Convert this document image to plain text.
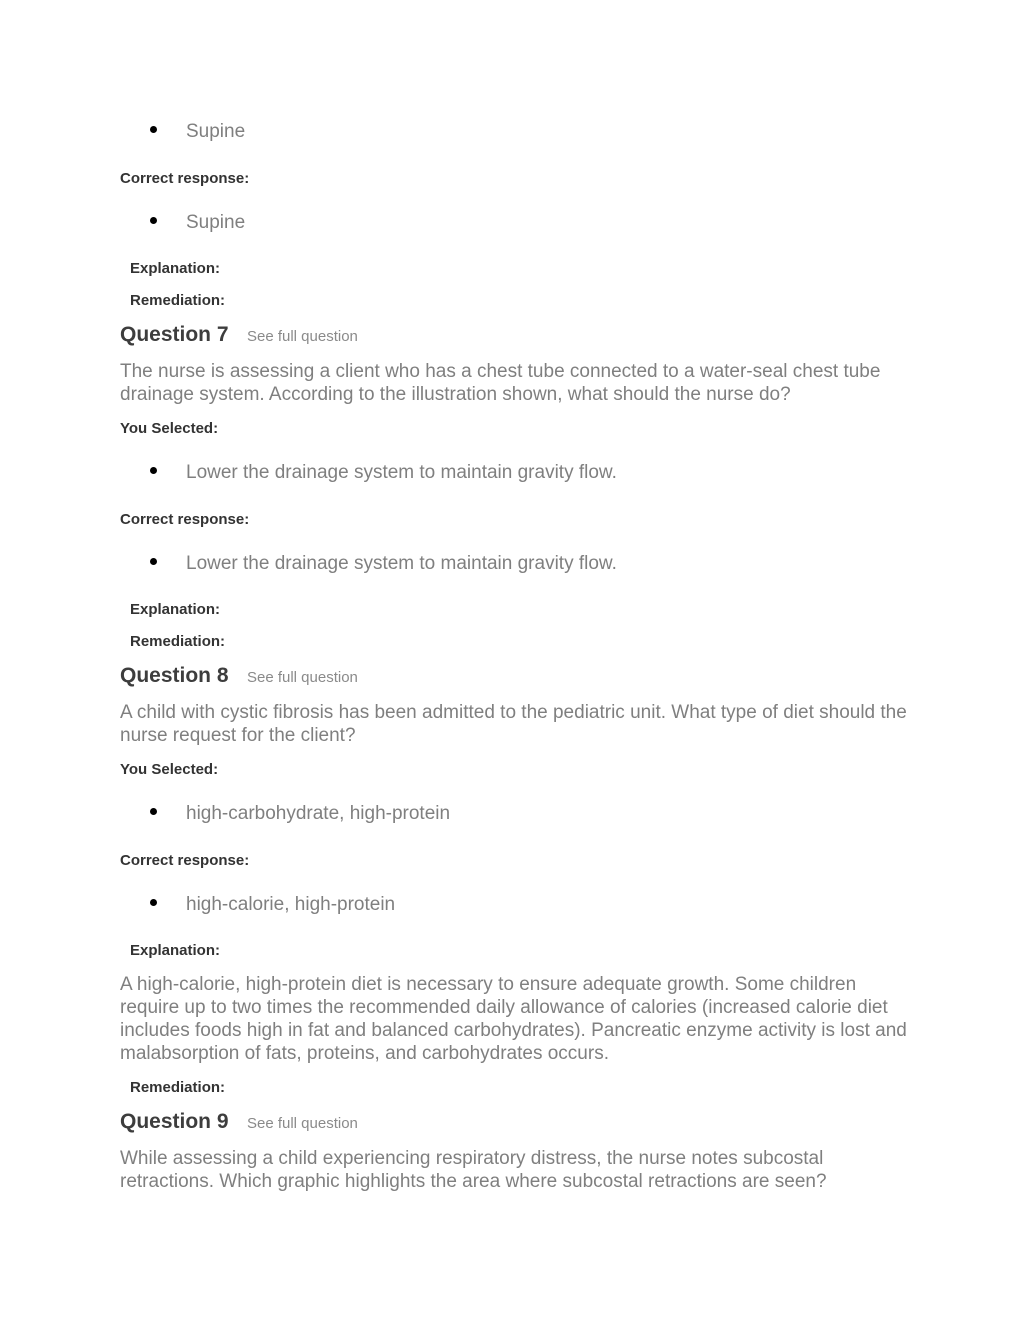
Supine
Correct response:
Supine
Explanation:
Remediation:
Question 7 See full question
The nurse is assessing a client who has a chest tube connected to a water-seal chest tube drainage system. According to the illustration shown, what should the nurse do?
You Selected:
Lower the drainage system to maintain gravity flow.
Correct response:
Lower the drainage system to maintain gravity flow.
Explanation:
Remediation:
Question 8 See full question
A child with cystic fibrosis has been admitted to the pediatric unit. What type of diet should the nurse request for the client?
You Selected:
high-carbohydrate, high-protein
Correct response:
high-calorie, high-protein
Explanation:
A high-calorie, high-protein diet is necessary to ensure adequate growth. Some children require up to two times the recommended daily allowance of calories (increased calorie diet includes foods high in fat and balanced carbohydrates). Pancreatic enzyme activity is lost and malabsorption of fats, proteins, and carbohydrates occurs.
Remediation:
Question 9 See full question
While assessing a child experiencing respiratory distress, the nurse notes subcostal retractions. Which graphic highlights the area where subcostal retractions are seen?
